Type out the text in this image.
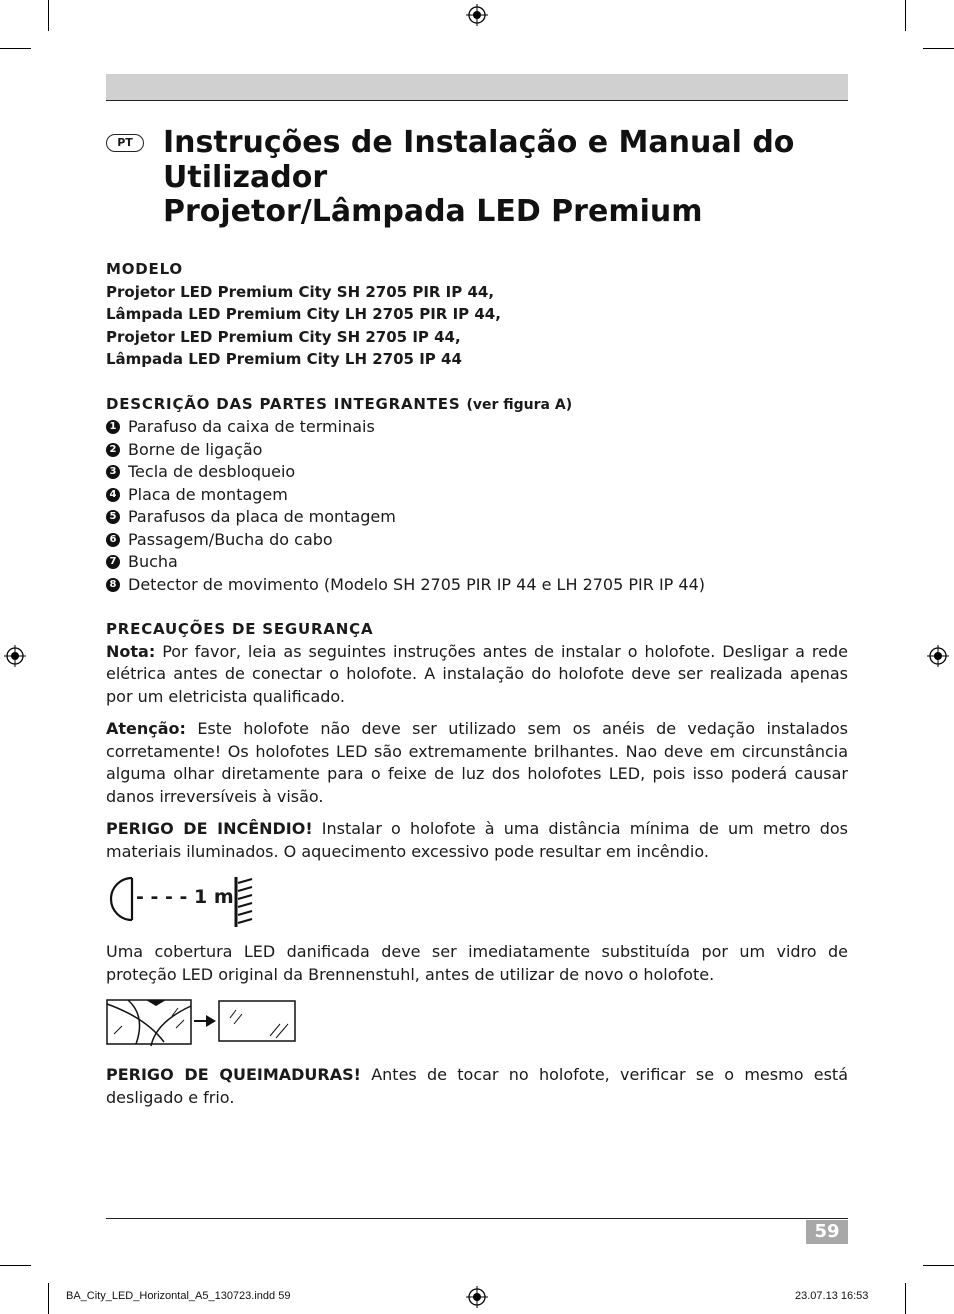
PT	Instruções de Instalação e Manual do
Utilizador
Projetor/Lâmpada LED Premium
MODELO
Projetor LED Premium City SH 2705 PIR IP 44,
Lâmpada LED Premium City LH 2705 PIR IP 44,
Projetor LED Premium City SH 2705 IP 44,
Lâmpada LED Premium City LH 2705 IP 44
DESCRIÇÃO DAS PARTES INTEGRANTES (ver figura A)
1 Parafuso da caixa de terminais
2 Borne de ligação
3 Tecla de desbloqueio
4 Placa de montagem
5 Parafusos da placa de montagem
6 Passagem/Bucha do cabo
7 Bucha
8 Detector de movimento (Modelo SH 2705 PIR IP 44 e LH 2705 PIR IP 44)
PRECAUÇÕES DE SEGURANÇA

Nota: Por favor, leia as seguintes instruções antes de instalar o holofote. Desligar a rede elétrica antes de conectar o holofote. A instalação do holofote deve ser realizada apenas por um eletricista qualificado.

Atenção: Este holofote não deve ser utilizado sem os anéis de vedação instalados corretamente! Os holofotes LED são extremamente brilhantes. Nao deve em circunstância alguma olhar diretamente para o feixe de luz dos holofotes LED, pois isso poderá causar danos irreversíveis à visão.

PERIGO DE INCÊNDIO! Instalar o holofote à uma distância mínima de um metro dos materiais iluminados. O aquecimento excessivo pode resultar em incêndio.

- - - - 1 m

Uma cobertura LED danificada deve ser imediatamente substituída por um vidro de proteção LED original da Brennenstuhl, antes de utilizar de novo o holofote.

PERIGO DE QUEIMADURAS! Antes de tocar no holofote, verificar se o mesmo está desligado e frio.

59
BA_City_LED_Horizontal_A5_130723.indd 59	23.07.13 16:53
